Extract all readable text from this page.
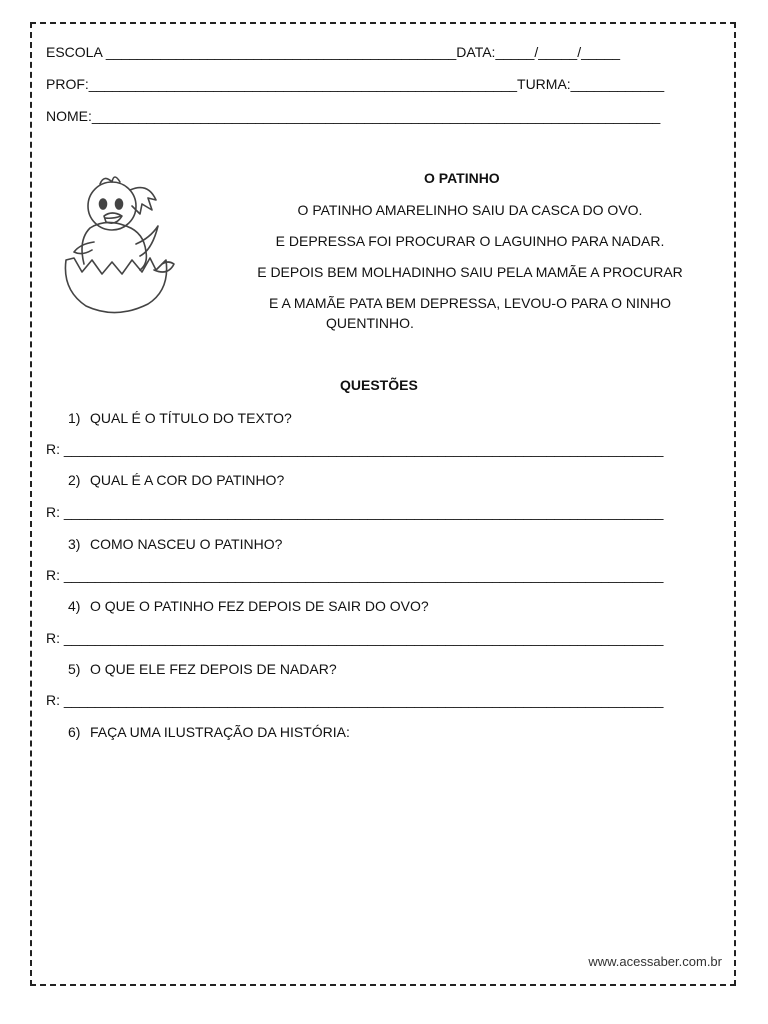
ESCOLA _____________________________________________DATA:_____/_____/_____
PROF:_______________________________________________________TURMA:____________
NOME:_________________________________________________________________________
O PATINHO
O PATINHO AMARELINHO SAIU DA CASCA DO OVO.
E DEPRESSA FOI PROCURAR O LAGUINHO PARA NADAR.
E DEPOIS BEM MOLHADINHO SAIU PELA MAMÃE A PROCURAR
E A MAMÃE PATA BEM DEPRESSA, LEVOU-O PARA O NINHO
QUENTINHO.
QUESTÕES
1) QUAL É O TÍTULO DO TEXTO?
R: _____________________________________________________________________________
2) QUAL É A COR DO PATINHO?
R: _____________________________________________________________________________
3) COMO NASCEU O PATINHO?
R: _____________________________________________________________________________
4) O QUE O PATINHO FEZ DEPOIS DE SAIR DO OVO?
R: _____________________________________________________________________________
5) O QUE ELE FEZ DEPOIS DE NADAR?
R: _____________________________________________________________________________
6) FAÇA UMA ILUSTRAÇÃO DA HISTÓRIA:
www.acessaber.com.br
